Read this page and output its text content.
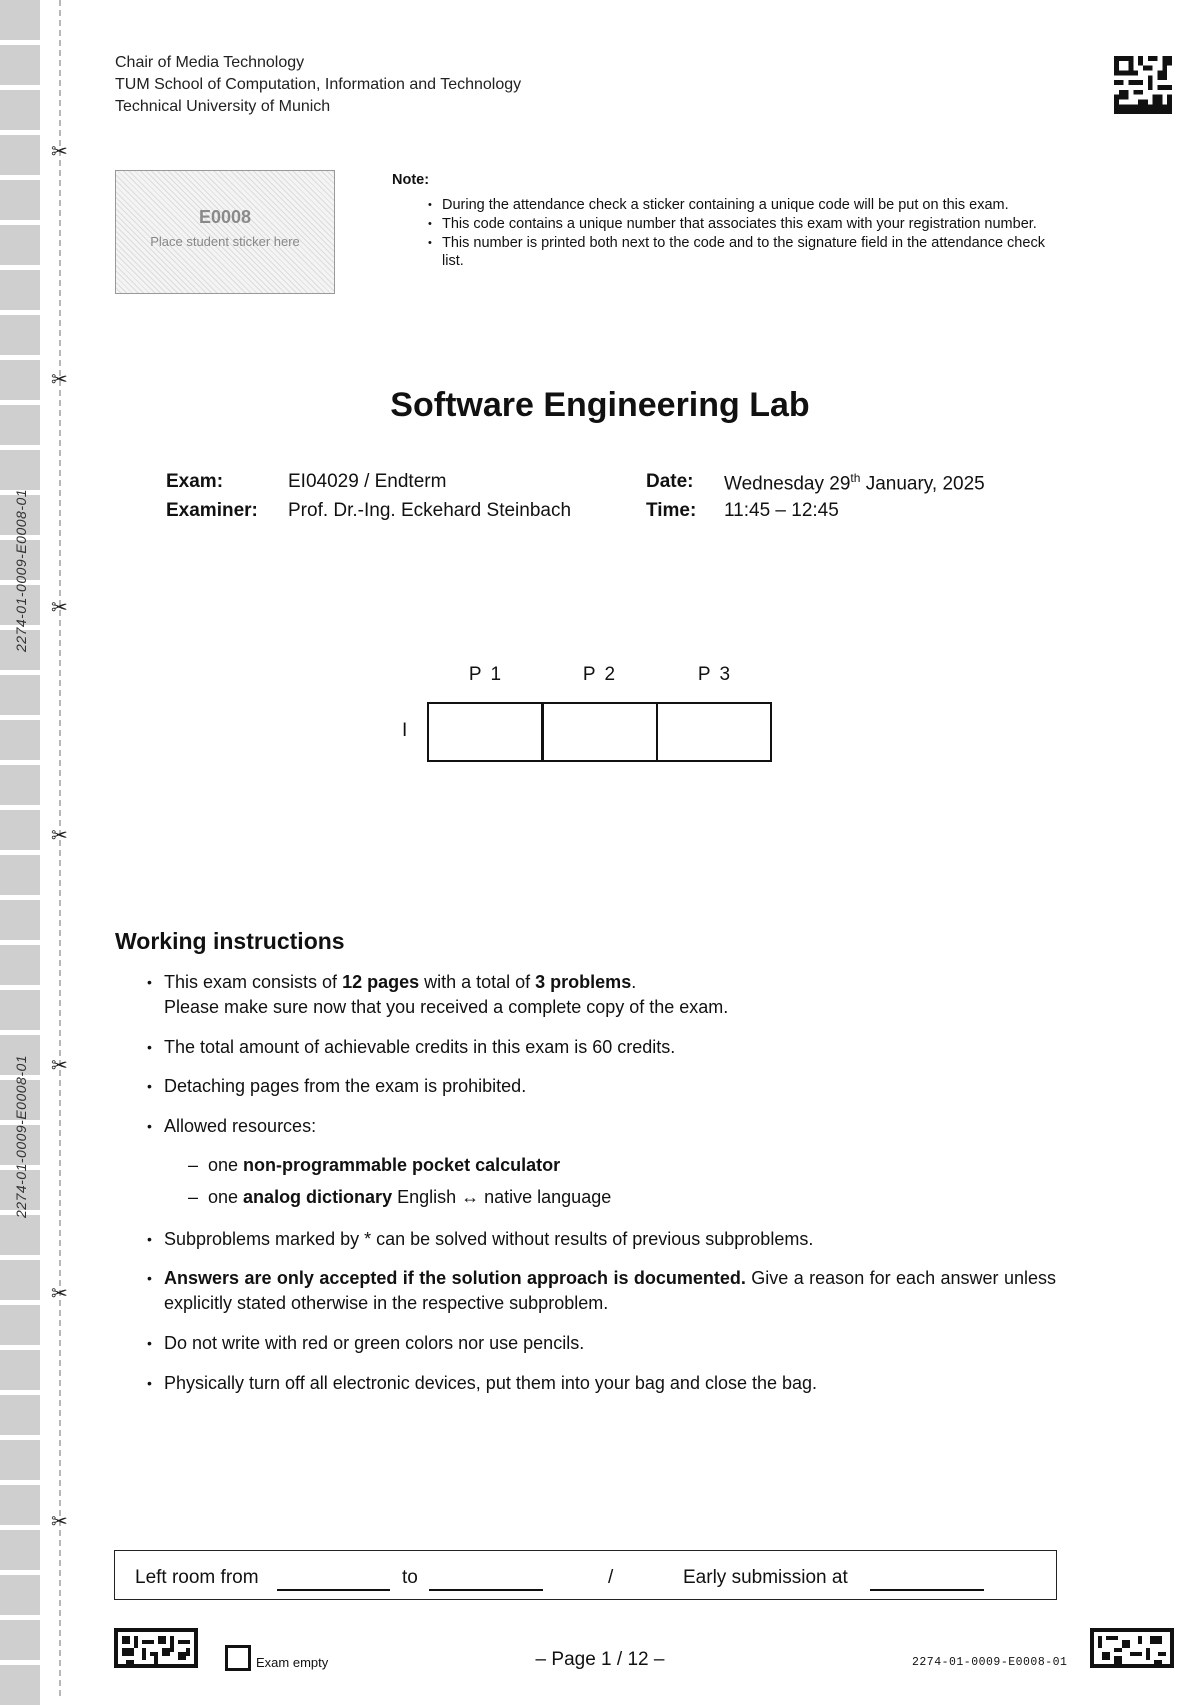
✂
✂
✂
✂
✂
✂
✂
2274-01-0009-E0008-01
2274-01-0009-E0008-01
Chair of Media Technology
TUM School of Computation, Information and Technology
Technical University of Munich
E0008
Place student sticker here
Note:
• During the attendance check a sticker containing a unique code will be put on this exam.
• This code contains a unique number that associates this exam with your registration number.
• This number is printed both next to the code and to the signature field in the attendance check list.
Software Engineering Lab
Exam:	EI04029 / Endterm	Date: Wednesday 29th January, 2025
Examiner: Prof. Dr.-Ing. Eckehard Steinbach	Time: 11:45 – 12:45
P 1	P 2	P 3
I
Working instructions
• This exam consists of 12 pages with a total of 3 problems.
Please make sure now that you received a complete copy of the exam.
• The total amount of achievable credits in this exam is 60 credits.
• Detaching pages from the exam is prohibited.
• Allowed resources:
– one non-programmable pocket calculator
– one analog dictionary English ↔ native language
• Subproblems marked by * can be solved without results of previous subproblems.
• Answers are only accepted if the solution approach is documented. Give a reason for each answer unless explicitly stated otherwise in the respective subproblem.
• Do not write with red or green colors nor use pencils.
• Physically turn off all electronic devices, put them into your bag and close the bag.
Left room from	to	/	Early submission at
Exam empty	– Page 1 / 12 –	2274-01-0009-E0008-01
